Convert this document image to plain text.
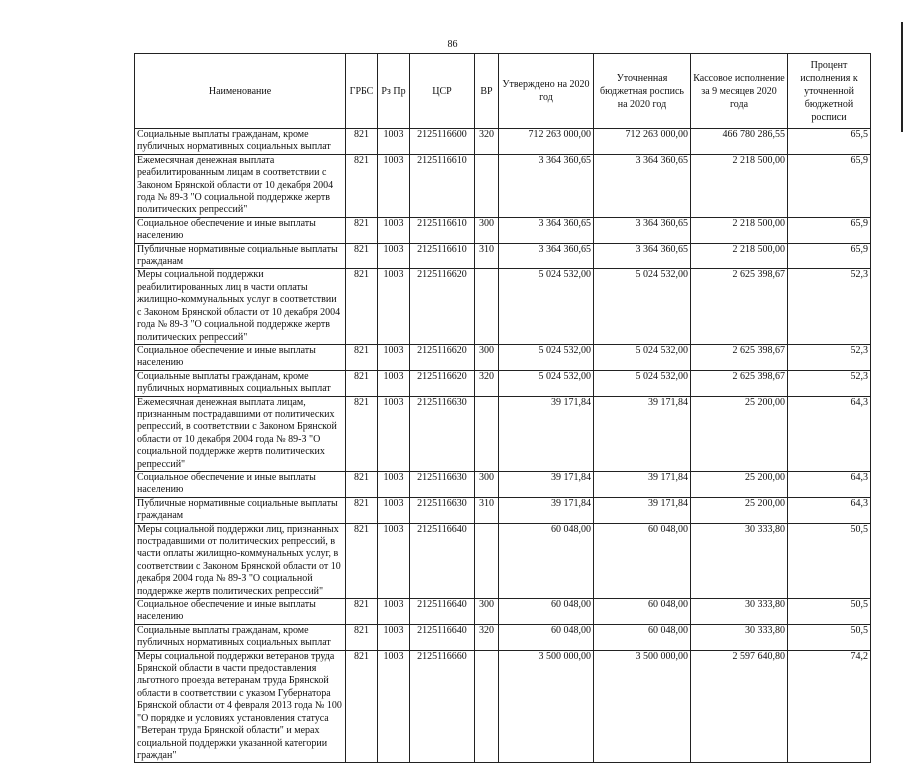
86
Наименование	ГРБС	Рз Пр	ЦСР	ВР	Утверждено на 2020 год	Уточненная бюджетная роспись на 2020 год	Кассовое исполнение за 9 месяцев 2020 года	Процент исполнения к уточненной бюджетной росписи
Социальные выплаты гражданам, кроме публичных нормативных социальных выплат	821	1003	2125116600	320	712 263 000,00	712 263 000,00	466 780 286,55	65,5
Ежемесячная денежная выплата реабилитированным лицам в соответствии с Законом Брянской области от 10 декабря 2004 года № 89-З "О социальной поддержке жертв политических репрессий"	821	1003	2125116610		3 364 360,65	3 364 360,65	2 218 500,00	65,9
Социальное обеспечение и иные выплаты населению	821	1003	2125116610	300	3 364 360,65	3 364 360,65	2 218 500,00	65,9
Публичные нормативные социальные выплаты гражданам	821	1003	2125116610	310	3 364 360,65	3 364 360,65	2 218 500,00	65,9
Меры социальной поддержки реабилитированных лиц в части оплаты жилищно-коммунальных услуг в соответствии с Законом Брянской области от 10 декабря 2004 года № 89-З "О социальной поддержке жертв политических репрессий"	821	1003	2125116620		5 024 532,00	5 024 532,00	2 625 398,67	52,3
Социальное обеспечение и иные выплаты населению	821	1003	2125116620	300	5 024 532,00	5 024 532,00	2 625 398,67	52,3
Социальные выплаты гражданам, кроме публичных нормативных социальных выплат	821	1003	2125116620	320	5 024 532,00	5 024 532,00	2 625 398,67	52,3
Ежемесячная денежная выплата лицам, признанным пострадавшими от политических репрессий, в соответствии с Законом Брянской области от 10 декабря 2004 года № 89-З "О социальной поддержке жертв политических репрессий"	821	1003	2125116630		39 171,84	39 171,84	25 200,00	64,3
Социальное обеспечение и иные выплаты населению	821	1003	2125116630	300	39 171,84	39 171,84	25 200,00	64,3
Публичные нормативные социальные выплаты гражданам	821	1003	2125116630	310	39 171,84	39 171,84	25 200,00	64,3
Меры социальной поддержки лиц, признанных пострадавшими от политических репрессий, в части оплаты жилищно-коммунальных услуг, в соответствии с Законом Брянской области от 10 декабря 2004 года № 89-З "О социальной поддержке жертв политических репрессий"	821	1003	2125116640		60 048,00	60 048,00	30 333,80	50,5
Социальное обеспечение и иные выплаты населению	821	1003	2125116640	300	60 048,00	60 048,00	30 333,80	50,5
Социальные выплаты гражданам, кроме публичных нормативных социальных выплат	821	1003	2125116640	320	60 048,00	60 048,00	30 333,80	50,5
Меры социальной поддержки ветеранов труда Брянской области в части предоставления льготного проезда ветеранам труда Брянской области в соответствии с указом Губернатора Брянской области от 4 февраля 2013 года № 100 "О порядке и условиях установления статуса "Ветеран труда Брянской области" и мерах социальной поддержки указанной категории граждан"	821	1003	2125116660		3 500 000,00	3 500 000,00	2 597 640,80	74,2
